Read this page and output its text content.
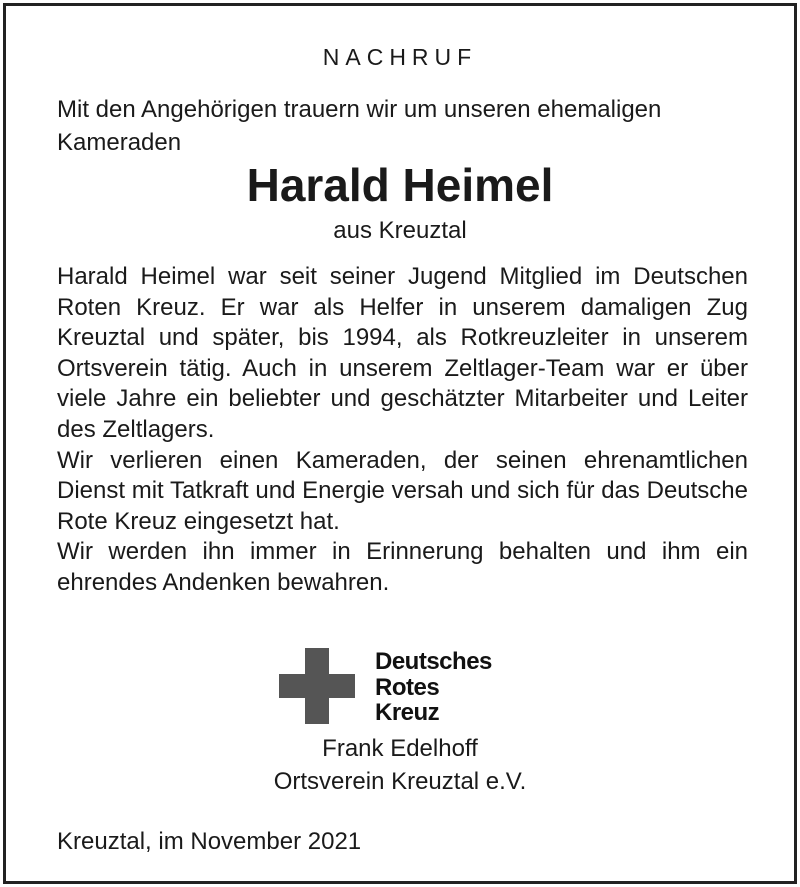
NACHRUF
Mit den Angehörigen trauern wir um unseren ehemaligen Kameraden
Harald Heimel
aus Kreuztal

Harald Heimel war seit seiner Jugend Mitglied im Deutschen Roten Kreuz. Er war als Helfer in unserem damaligen Zug Kreuztal und später, bis 1994, als Rotkreuzleiter in unserem Ortsverein tätig. Auch in unserem Zeltlager-Team war er über viele Jahre ein beliebter und geschätzter Mitarbeiter und Leiter des Zeltlagers.

Wir verlieren einen Kameraden, der seinen ehrenamtlichen Dienst mit Tatkraft und Energie versah und sich für das Deutsche Rote Kreuz eingesetzt hat.

Wir werden ihn immer in Erinnerung behalten und ihm ein ehrendes Andenken bewahren.

Deutsches
Rotes
Kreuz
Frank Edelhoff
Ortsverein Kreuztal e.V.
Kreuztal, im November 2021
